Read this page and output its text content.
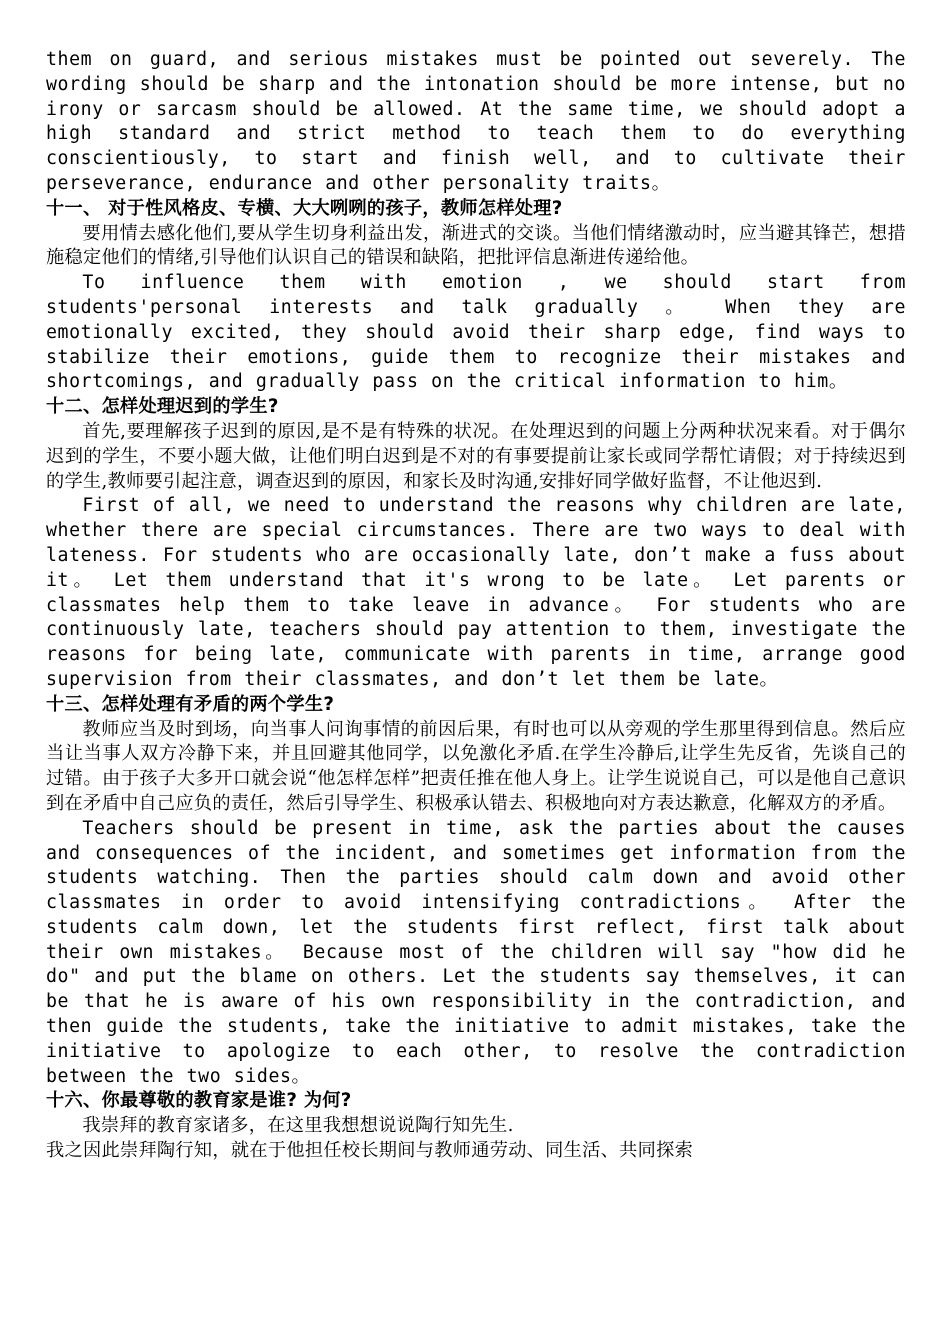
them on guard, and serious mistakes must be pointed out severely. The wording should be sharp and the intonation should be more intense, but no irony or sarcasm should be allowed. At the same time, we should adopt a high standard and strict method to teach them to do everything conscientiously, to start and finish well, and to cultivate their perseverance, endurance and other personality traits。

十一、 对于性风格皮、专横、大大咧咧的孩子，教师怎样处理?

要用情去感化他们,要从学生切身利益出发，渐进式的交谈。当他们情绪激动时，应当避其锋芒，想措施稳定他们的情绪,引导他们认识自己的错误和缺陷，把批评信息渐进传递给他。

To influence them with emotion , we should start from students'personal interests and talk gradually 。 When they are emotionally excited, they should avoid their sharp edge, find ways to stabilize their emotions, guide them to recognize their mistakes and shortcomings, and gradually pass on the critical information to him。

十二、怎样处理迟到的学生?

首先,要理解孩子迟到的原因,是不是有特殊的状况。在处理迟到的问题上分两种状况来看。对于偶尔迟到的学生，不要小题大做，让他们明白迟到是不对的有事要提前让家长或同学帮忙请假；对于持续迟到的学生,教师要引起注意，调查迟到的原因，和家长及时沟通,安排好同学做好监督，不让他迟到.

First of all, we need to understand the reasons why children are late, whether there are special circumstances. There are two ways to deal with lateness. For students who are occasionally late, don’t make a fuss about it。 Let them understand that it's wrong to be late。 Let parents or classmates help them to take leave in advance。 For students who are continuously late, teachers should pay attention to them, investigate the reasons for being late, communicate with parents in time, arrange good supervision from their classmates, and don’t let them be late。

十三、怎样处理有矛盾的两个学生?

教师应当及时到场，向当事人问询事情的前因后果，有时也可以从旁观的学生那里得到信息。然后应当让当事人双方冷静下来，并且回避其他同学，以免激化矛盾.在学生冷静后,让学生先反省，先谈自己的过错。由于孩子大多开口就会说“他怎样怎样”把责任推在他人身上。让学生说说自己，可以是他自己意识到在矛盾中自己应负的责任，然后引导学生、积极承认错去、积极地向对方表达歉意，化解双方的矛盾。

Teachers should be present in time, ask the parties about the causes and consequences of the incident, and sometimes get information from the students watching. Then the parties should calm down and avoid other classmates in order to avoid intensifying contradictions。 After the students calm down, let the students first reflect, first talk about their own mistakes。 Because most of the children will say "how did he do" and put the blame on others. Let the students say themselves, it can be that he is aware of his own responsibility in the contradiction, and then guide the students, take the initiative to admit mistakes, take the initiative to apologize to each other, to resolve the contradiction between the two sides。

十六、你最尊敬的教育家是谁? 为何?

我崇拜的教育家诸多，在这里我想想说说陶行知先生.

我之因此崇拜陶行知，就在于他担任校长期间与教师通劳动、同生活、共同探索
